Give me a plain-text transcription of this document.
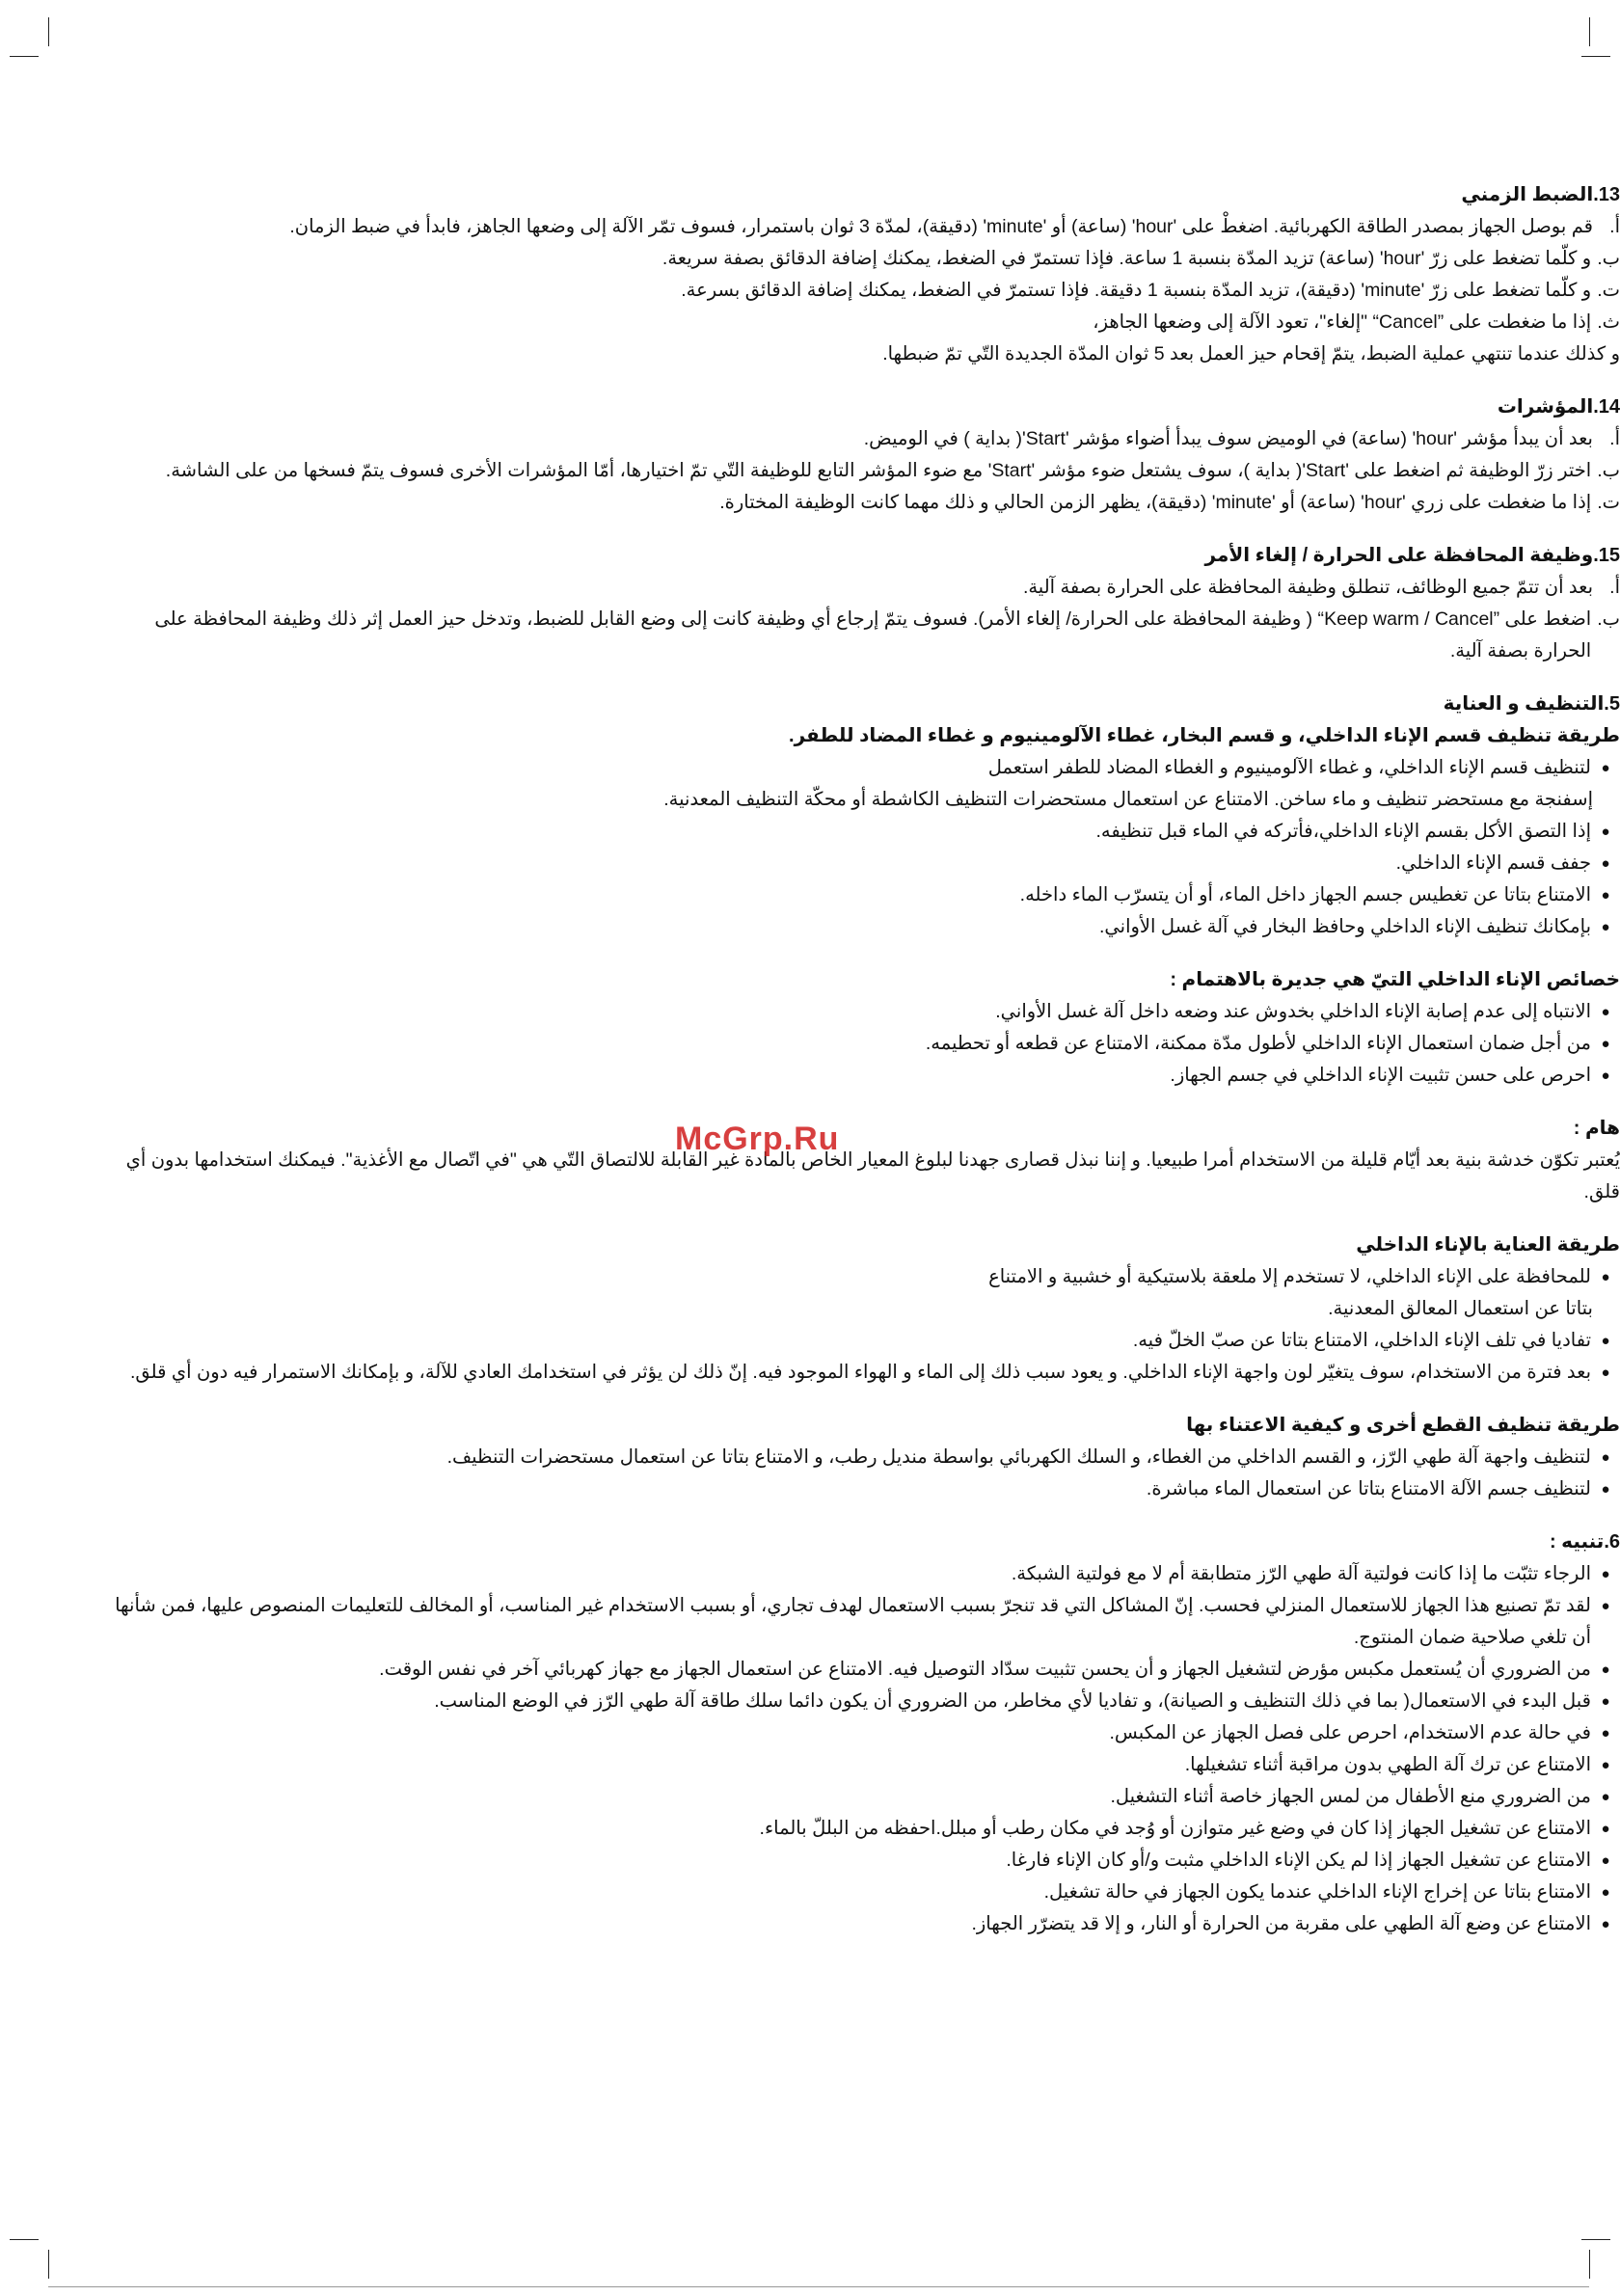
13.الضبط الزمني
أ.
قم بوصل الجهاز بمصدر الطاقة الكهربائية. اضغطْ على 'hour' (ساعة) أو 'minute' (دقيقة)، لمدّة 3 ثوان باستمرار، فسوف تمّر الآلة إلى وضعها الجاهز، فابدأ في ضبط الزمان.
ب.
و كلّما تضغط على زرّ 'hour' (ساعة) تزيد المدّة بنسبة 1 ساعة. فإذا تستمرّ في الضغط، يمكنك إضافة الدقائق بصفة سريعة.
ت.
و كلّما تضغط على زرّ 'minute' (دقيقة)، تزيد المدّة بنسبة 1 دقيقة. فإذا تستمرّ في الضغط، يمكنك إضافة الدقائق بسرعة.
ث.
إذا ما ضغطت على ”Cancel“ "إلغاء"، تعود الآلة إلى وضعها الجاهز،
و كذلك عندما تنتهي عملية الضبط، يتمّ إقحام حيز العمل بعد 5 ثوان المدّة الجديدة التّي تمّ ضبطها.
14.المؤشرات
أ.
بعد أن يبدأ مؤشر 'hour' (ساعة) في الوميض سوف يبدأ أضواء مؤشر 'Start'( بداية ) في الوميض.
ب.
اختر زرّ الوظيفة ثم اضغط على 'Start'( بداية )، سوف يشتعل ضوء مؤشر 'Start' مع ضوء المؤشر التابع للوظيفة التّي تمّ اختيارها، أمّا المؤشرات الأخرى فسوف يتمّ فسخها من على الشاشة.
ت.
إذا ما ضغطت على زري 'hour' (ساعة) أو 'minute' (دقيقة)، يظهر الزمن الحالي و ذلك مهما كانت الوظيفة المختارة.
15.وظيفة المحافظة على الحرارة / إلغاء الأمر
أ.
بعد أن تتمّ جميع الوظائف، تنطلق وظيفة المحافظة على الحرارة بصفة آلية.
ب.
اضغط على ”Keep warm / Cancel“ ( وظيفة المحافظة على الحرارة/ إلغاء الأمر). فسوف يتمّ إرجاع أي وظيفة كانت إلى وضع القابل للضبط، وتدخل حيز العمل إثر ذلك وظيفة المحافظة على الحرارة بصفة آلية.
5.التنظيف و العناية
طريقة تنظيف قسم الإناء الداخلي، و قسم البخار، غطاء الآلومينيوم و غطاء المضاد للطفر.
●
لتنظيف قسم الإناء الداخلي، و غطاء الآلومينيوم و الغطاء المضاد للطفر استعمل
إسفنجة مع مستحضر تنظيف و ماء ساخن. الامتناع عن استعمال مستحضرات التنظيف الكاشطة أو محكّة التنظيف المعدنية.
●
إذا التصق الأكل بقسم الإناء الداخلي،فأتركه في الماء قبل تنظيفه.
●
جفف قسم الإناء الداخلي.
●
الامتناع بتاتا عن تغطيس جسم الجهاز داخل الماء، أو أن يتسرّب الماء داخله.
●
بإمكانك تنظيف الإناء الداخلي وحافظ البخار في آلة غسل الأواني.
خصائص الإناء الداخلي التيّ هي جديرة بالاهتمام :
●
الانتباه إلى عدم إصابة الإناء الداخلي بخدوش عند وضعه داخل آلة غسل الأواني.
●
من أجل ضمان استعمال الإناء الداخلي لأطول مدّة ممكنة، الامتناع عن قطعه أو تحطيمه.
●
احرص على حسن تثبيت الإناء الداخلي في جسم الجهاز.
هام :
يُعتبر تكوّن خدشة بنية بعد أيّام قليلة من الاستخدام أمرا طبيعيا. و إننا نبذل قصارى جهدنا لبلوغ المعيار الخاص بالمادة غير القابلة للالتصاق التّي هي "في اتّصال مع الأغذية". فيمكنك استخدامها بدون أي قلق.
طريقة العناية بالإناء الداخلي
●
للمحافظة على الإناء الداخلي، لا تستخدم إلا ملعقة بلاستيكية أو خشبية و الامتناع
بتاتا عن استعمال المعالق المعدنية.
●
تفاديا في تلف الإناء الداخلي، الامتناع بتاتا عن صبّ الخلّ فيه.
●
بعد فترة من الاستخدام، سوف يتغيّر لون واجهة الإناء الداخلي. و يعود سبب ذلك إلى الماء و الهواء الموجود فيه. إنّ ذلك لن يؤثر في استخدامك العادي للآلة، و بإمكانك الاستمرار فيه دون أي قلق.
طريقة تنظيف القطع أخرى و كيفية الاعتناء بها
●
لتنظيف واجهة آلة طهي الرّز، و القسم الداخلي من الغطاء، و السلك الكهربائي بواسطة منديل رطب، و الامتناع بتاتا عن استعمال مستحضرات التنظيف.
●
لتنظيف جسم الآلة الامتناع بتاتا عن استعمال الماء مباشرة.
6.تنبيه :
●
الرجاء تثبّت ما إذا كانت فولتية آلة طهي الرّز متطابقة أم لا مع فولتية الشبكة.
●
لقد تمّ تصنيع هذا الجهاز للاستعمال المنزلي فحسب. إنّ المشاكل التي قد تنجرّ بسبب الاستعمال لهدف تجاري، أو بسبب الاستخدام غير المناسب، أو المخالف للتعليمات المنصوص عليها، فمن شأنها أن تلغي صلاحية ضمان المنتوج.
●
من الضروري أن يُستعمل مكبس مؤرض لتشغيل الجهاز و أن يحسن تثبيت سدّاد التوصيل فيه. الامتناع عن استعمال الجهاز مع جهاز كهربائي آخر في نفس الوقت.
●
قبل البدء في الاستعمال( بما في ذلك التنظيف و الصيانة)، و تفاديا لأي مخاطر، من الضروري أن يكون دائما سلك طاقة آلة طهي الرّز في الوضع المناسب.
●
في حالة عدم الاستخدام، احرص على فصل الجهاز عن المكبس.
●
الامتناع عن ترك آلة الطهي بدون مراقبة أثناء تشغيلها.
●
من الضروري منع الأطفال من لمس الجهاز خاصة أثناء التشغيل.
●
الامتناع عن تشغيل الجهاز إذا كان في وضع غير متوازن أو وُجد في مكان رطب أو مبلل.احفظه من البللّ بالماء.
●
الامتناع عن تشغيل الجهاز إذا لم يكن الإناء الداخلي مثبت و/أو كان الإناء فارغا.
●
الامتناع بتاتا عن إخراج الإناء الداخلي عندما يكون الجهاز في حالة تشغيل.
●
الامتناع عن وضع آلة الطهي على مقربة من الحرارة أو النار، و إلا قد يتضرّر الجهاز.
McGrp.Ru
